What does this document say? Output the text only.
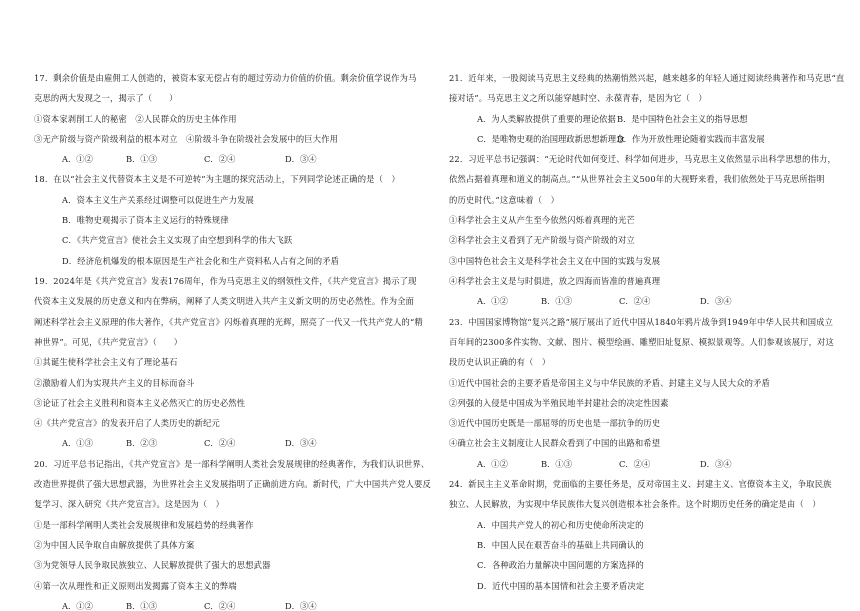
17．剩余价值是由雇佣工人创造的，被资本家无偿占有的超过劳动力价值的价值。剩余价值学说作为马
克思的两大发现之一，揭示了（　　）
①资本家剥削工人的秘密　②人民群众的历史主体作用
③无产阶级与资产阶级利益的根本对立　④阶级斗争在阶级社会发展中的巨大作用
A．①②	B．①③	C．②④	D．③④
18．在以“社会主义代替资本主义是不可逆转”为主题的探究活动上，下列同学论述正确的是（　）
A．资本主义生产关系经过调整可以促进生产力发展
B．唯物史观揭示了资本主义运行的特殊规律
C．《共产党宣言》使社会主义实现了由空想到科学的伟大飞跃
D．经济危机爆发的根本原因是生产社会化和生产资料私人占有之间的矛盾
19．2024年是《共产党宣言》发表176周年，作为马克思主义的纲领性文件，《共产党宣言》揭示了现
代资本主义发展的历史意义和内在弊病，阐释了人类文明进入共产主义新文明的历史必然性。作为全面
阐述科学社会主义原理的伟大著作，《共产党宣言》闪烁着真理的光辉，照亮了一代又一代共产党人的“精
神世界”。可见，《共产党宣言》（　　）
①其诞生使科学社会主义有了理论基石
②激励着人们为实现共产主义的目标而奋斗
③论证了社会主义胜利和资本主义必然灭亡的历史必然性
④《共产党宣言》的发表开启了人类历史的新纪元
A．①③	B．②③	C．②④	D．③④
20．习近平总书记指出，《共产党宣言》是一部科学阐明人类社会发展规律的经典著作，为我们认识世界、
改造世界提供了强大思想武器，为世界社会主义发展指明了正确前进方向。新时代，广大中国共产党人要反
复学习、深入研究《共产党宣言》。这是因为（　）
①是一部科学阐明人类社会发展规律和发展趋势的经典著作
②为中国人民争取自由解放提供了具体方案
③为党领导人民争取民族独立、人民解放提供了强大的思想武器
④第一次从理性和正义原则出发揭露了资本主义的弊端
A．①②	B．①③	C．②④	D．③④
21．近年来，一股阅读马克思主义经典的热潮悄然兴起，越来越多的年轻人通过阅读经典著作和马克思“直
接对话”。马克思主义之所以能穿越时空、永葆青春，是因为它（　）
A．为人类解放提供了重要的理论依据 B．是中国特色社会主义的指导思想
C．是唯物史观的治国理政新思想新理念
D．作为开放性理论随着实践而丰富发展
22．习近平总书记强调：“无论时代如何变迁、科学如何进步，马克思主义依然显示出科学思想的伟力，
依然占据着真理和道义的制高点。”“从世界社会主义500年的大视野来看，我们依然处于马克思所指明
的历史时代。”这意味着（　）
①科学社会主义从产生至今依然闪烁着真理的光芒
②科学社会主义看到了无产阶级与资产阶级的对立
③中国特色社会主义是科学社会主义在中国的实践与发展
④科学社会主义是与时俱进，放之四海而皆准的普遍真理
A．①②	B．①③	C．②④	D．③④
23．中国国家博物馆“复兴之路”展厅展出了近代中国从1840年鸦片战争到1949年中华人民共和国成立
百年间的2300多件实物、文献、图片、模型绘画、雕塑旧址复原、模拟景观等。人们参观该展厅，对这
段历史认识正确的有（　）
①近代中国社会的主要矛盾是帝国主义与中华民族的矛盾、封建主义与人民大众的矛盾
②列强的入侵是中国成为半殖民地半封建社会的决定性因素
③近代中国历史既是一部屈辱的历史也是一部抗争的历史
④确立社会主义制度让人民群众看到了中国的出路和希望
A．①②	B．①③	C．②④	D．③④
24．新民主主义革命时期，党面临的主要任务是，反对帝国主义、封建主义、官僚资本主义，争取民族
独立、人民解放，为实现中华民族伟大复兴创造根本社会条件。这个时期历史任务的确定是由（　）
A．中国共产党人的初心和历史使命所决定的
B．中国人民在艰苦奋斗的基础上共同确认的
C．各种政治力量解决中国问题的方案选择的
D．近代中国的基本国情和社会主要矛盾决定
